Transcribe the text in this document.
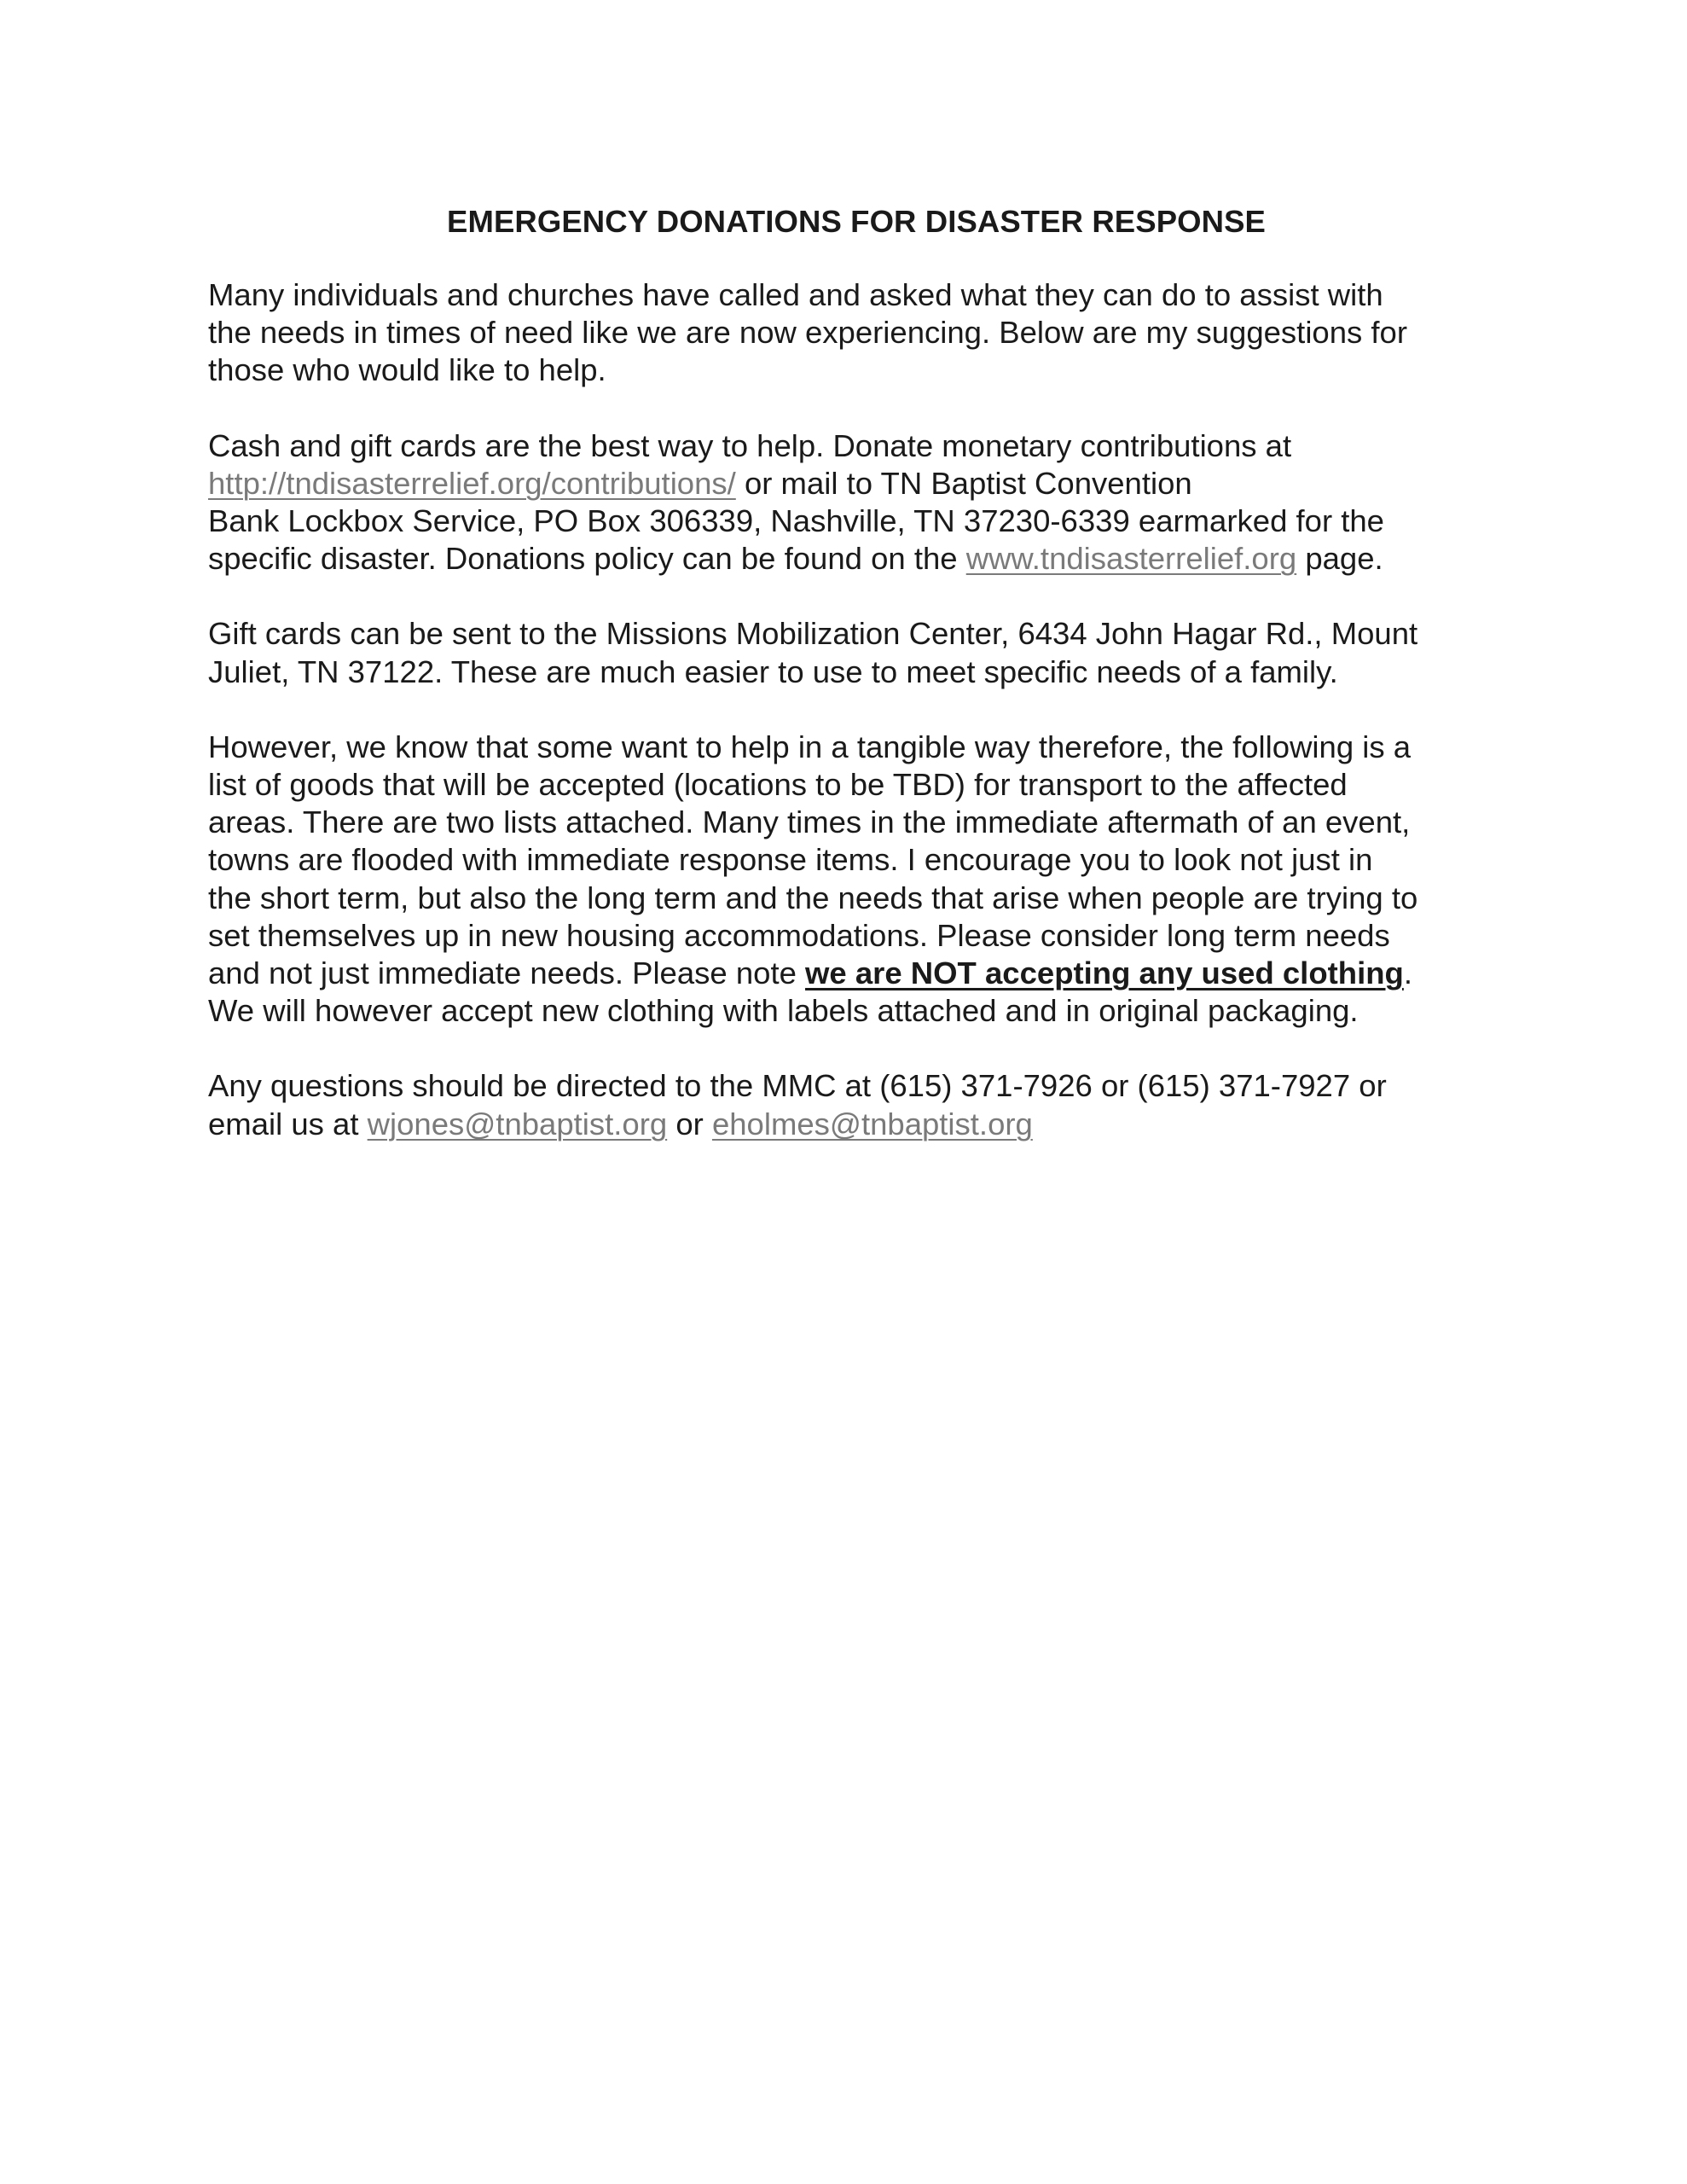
EMERGENCY DONATIONS FOR DISASTER RESPONSE
Many individuals and churches have called and asked what they can do to assist with
the needs in times of need like we are now experiencing. Below are my suggestions for
those who would like to help.
Cash and gift cards are the best way to help. Donate monetary contributions at
http://tndisasterrelief.org/contributions/ or mail to TN Baptist Convention
Bank Lockbox Service, PO Box 306339, Nashville, TN 37230-6339 earmarked for the
specific disaster. Donations policy can be found on the www.tndisasterrelief.org page.
Gift cards can be sent to the Missions Mobilization Center, 6434 John Hagar Rd., Mount
Juliet, TN 37122. These are much easier to use to meet specific needs of a family.
However, we know that some want to help in a tangible way therefore, the following is a
list of goods that will be accepted (locations to be TBD) for transport to the affected
areas. There are two lists attached. Many times in the immediate aftermath of an event,
towns are flooded with immediate response items. I encourage you to look not just in
the short term, but also the long term and the needs that arise when people are trying to
set themselves up in new housing accommodations. Please consider long term needs
and not just immediate needs. Please note we are NOT accepting any used clothing.
We will however accept new clothing with labels attached and in original packaging.
Any questions should be directed to the MMC at (615) 371-7926 or (615) 371-7927 or
email us at wjones@tnbaptist.org or eholmes@tnbaptist.org
